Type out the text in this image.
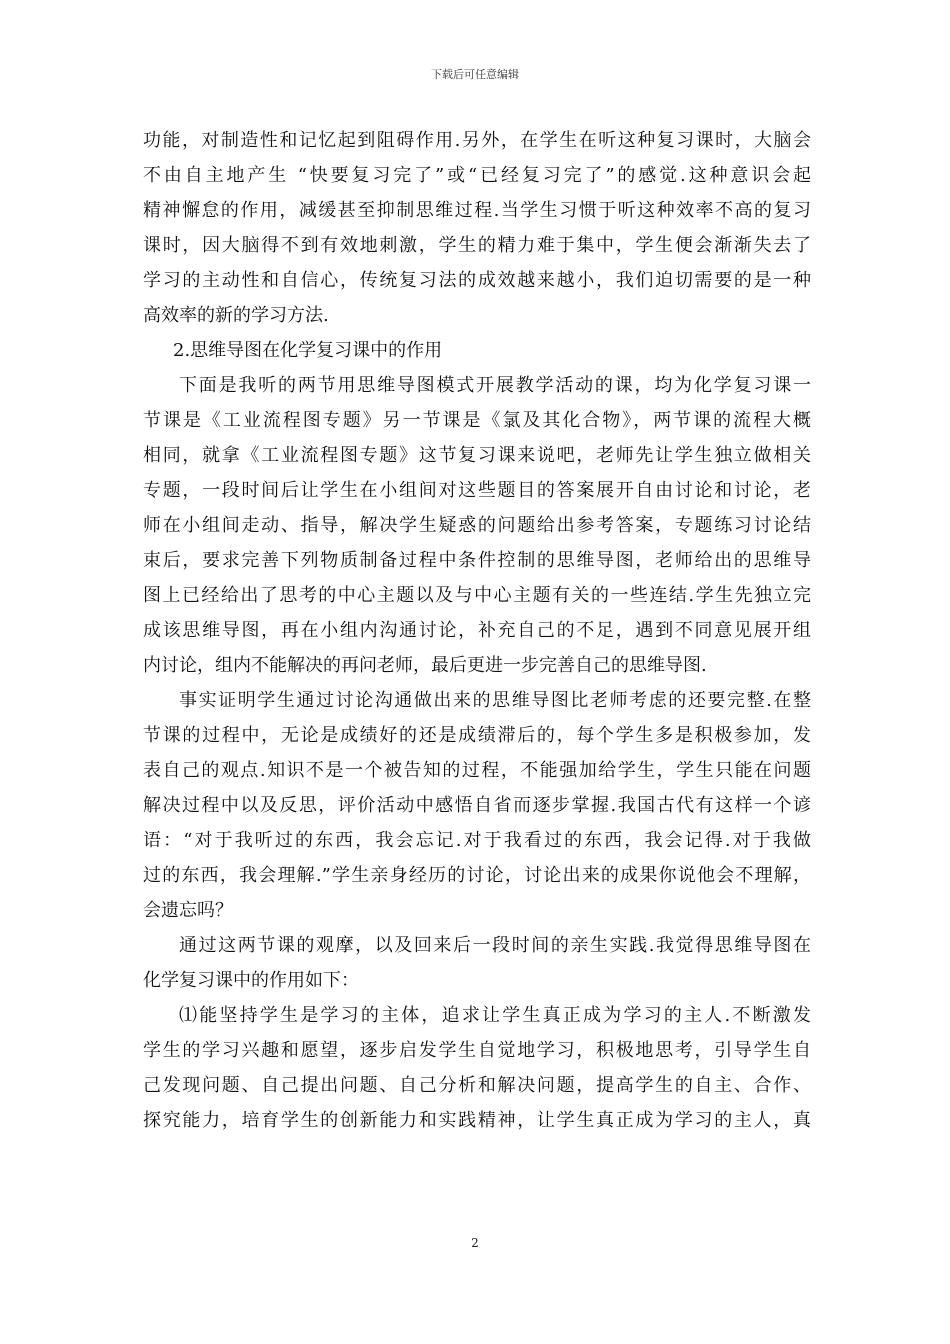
下载后可任意编辑
功能，对制造性和记忆起到阻碍作用.另外，在学生在听这种复习课时，大脑会
不由自主地产生 “快要复习完了”或“已经复习完了”的感觉.这种意识会起
精神懈怠的作用，减缓甚至抑制思维过程.当学生习惯于听这种效率不高的复习
课时，因大脑得不到有效地刺激，学生的精力难于集中，学生便会渐渐失去了
学习的主动性和自信心，传统复习法的成效越来越小，我们迫切需要的是一种
高效率的新的学习方法.
2.思维导图在化学复习课中的作用
下面是我听的两节用思维导图模式开展教学活动的课，均为化学复习课一
节课是《工业流程图专题》另一节课是《氯及其化合物》，两节课的流程大概
相同，就拿《工业流程图专题》这节复习课来说吧，老师先让学生独立做相关
专题，一段时间后让学生在小组间对这些题目的答案展开自由讨论和讨论，老
师在小组间走动、指导，解决学生疑惑的问题给出参考答案，专题练习讨论结
束后，要求完善下列物质制备过程中条件控制的思维导图，老师给出的思维导
图上已经给出了思考的中心主题以及与中心主题有关的一些连结.学生先独立完
成该思维导图，再在小组内沟通讨论，补充自己的不足，遇到不同意见展开组
内讨论，组内不能解决的再问老师，最后更进一步完善自己的思维导图.
事实证明学生通过讨论沟通做出来的思维导图比老师考虑的还要完整.在整
节课的过程中，无论是成绩好的还是成绩滞后的，每个学生多是积极参加，发
表自己的观点.知识不是一个被告知的过程，不能强加给学生，学生只能在问题
解决过程中以及反思，评价活动中感悟自省而逐步掌握.我国古代有这样一个谚
语：“对于我听过的东西，我会忘记.对于我看过的东西，我会记得.对于我做
过的东西，我会理解.”学生亲身经历的讨论，讨论出来的成果你说他会不理解，
会遗忘吗？
通过这两节课的观摩，以及回来后一段时间的亲生实践.我觉得思维导图在
化学复习课中的作用如下：
⑴能坚持学生是学习的主体，追求让学生真正成为学习的主人.不断激发
学生的学习兴趣和愿望，逐步启发学生自觉地学习，积极地思考，引导学生自
己发现问题、自己提出问题、自己分析和解决问题，提高学生的自主、合作、
探究能力，培育学生的创新能力和实践精神，让学生真正成为学习的主人，真
2
